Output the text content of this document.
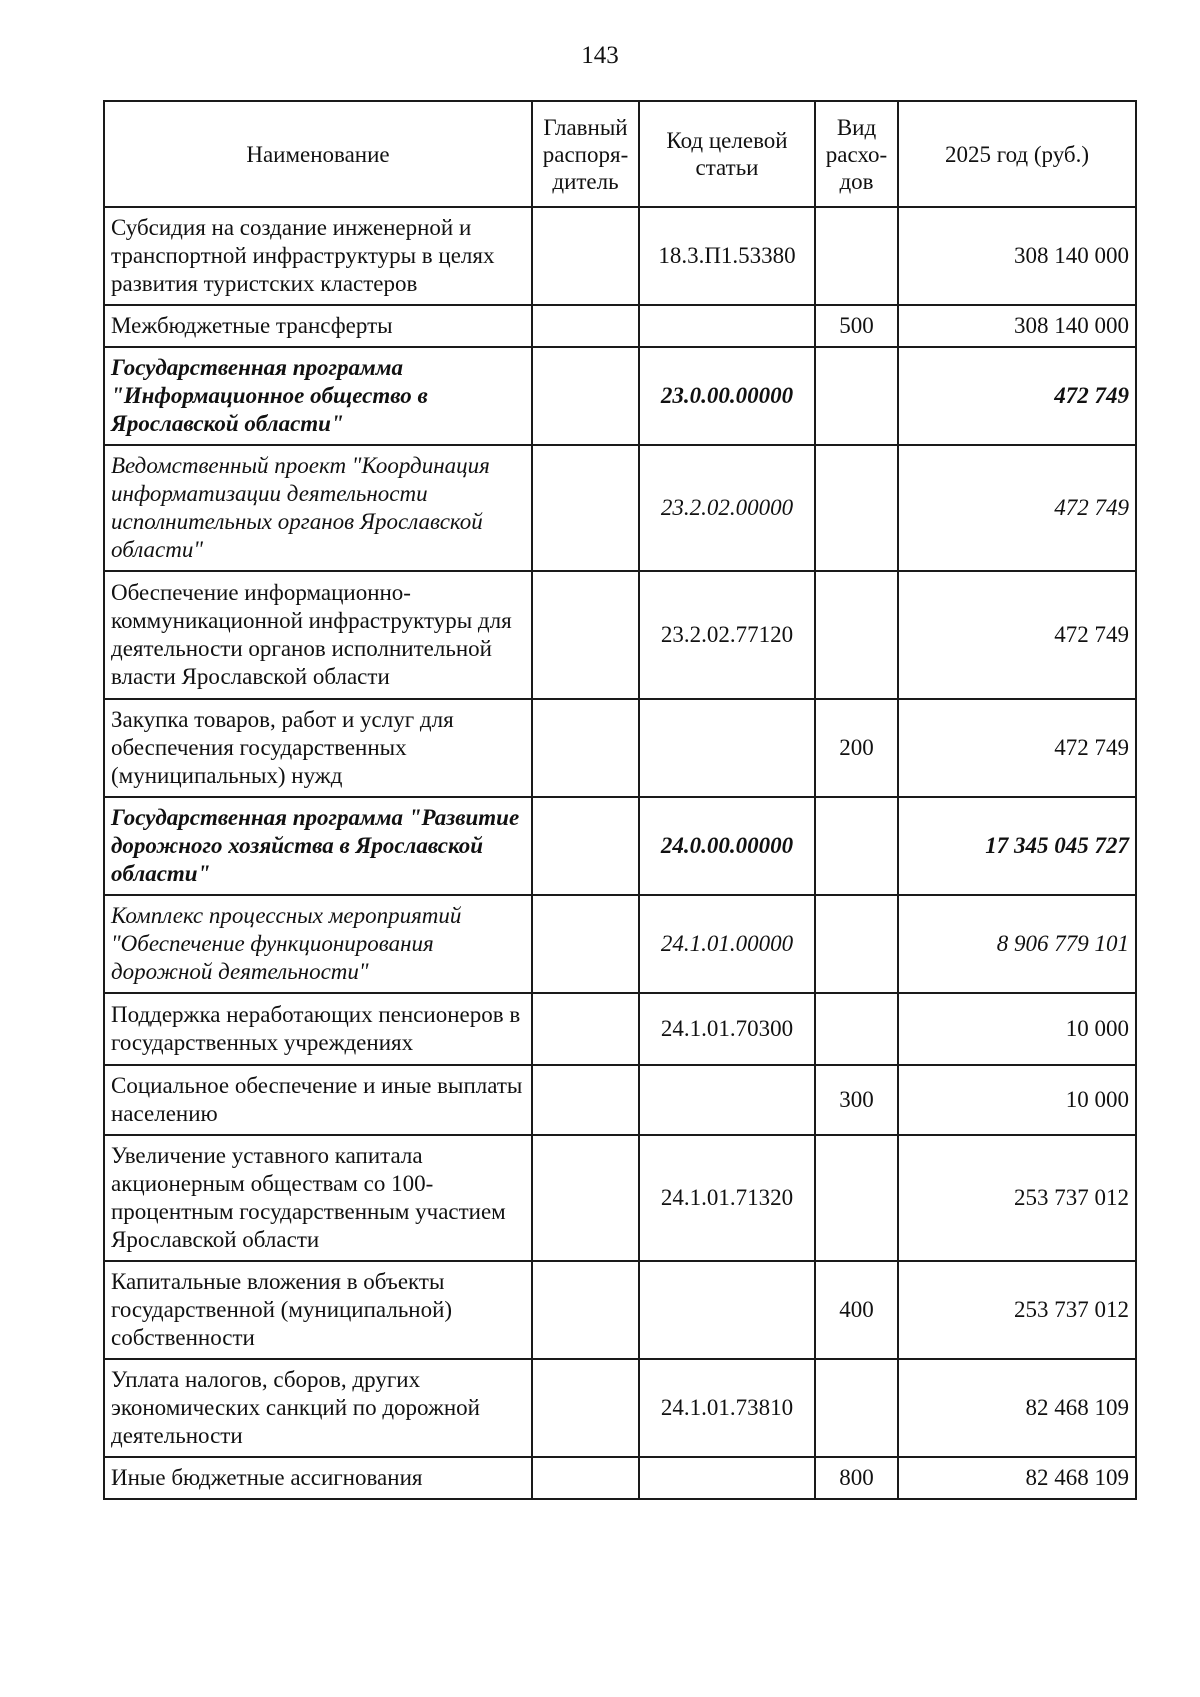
143
Наименование	Главный распоря-дитель	Код целевой статьи	Вид расхо-дов	2025 год (руб.)
Субсидия на создание инженерной и транспортной инфраструктуры в целях развития туристских кластеров		18.3.П1.53380		308 140 000
Межбюджетные трансферты			500	308 140 000
Государственная программа "Информационное общество в Ярославской области"		23.0.00.00000		472 749
Ведомственный проект "Координация информатизации деятельности исполнительных органов Ярославской области"		23.2.02.00000		472 749
Обеспечение информационно-коммуникационной инфраструктуры для деятельности органов исполнительной власти Ярославской области		23.2.02.77120		472 749
Закупка товаров, работ и услуг для обеспечения государственных (муниципальных) нужд			200	472 749
Государственная программа "Развитие дорожного хозяйства в Ярославской области"		24.0.00.00000		17 345 045 727
Комплекс процессных мероприятий "Обеспечение функционирования дорожной деятельности"		24.1.01.00000		8 906 779 101
Поддержка неработающих пенсионеров в государственных учреждениях		24.1.01.70300		10 000
Социальное обеспечение и иные выплаты населению			300	10 000
Увеличение уставного капитала акционерным обществам со 100-процентным государственным участием Ярославской области		24.1.01.71320		253 737 012
Капитальные вложения в объекты государственной (муниципальной) собственности			400	253 737 012
Уплата налогов, сборов, других экономических санкций по дорожной деятельности		24.1.01.73810		82 468 109
Иные бюджетные ассигнования			800	82 468 109
